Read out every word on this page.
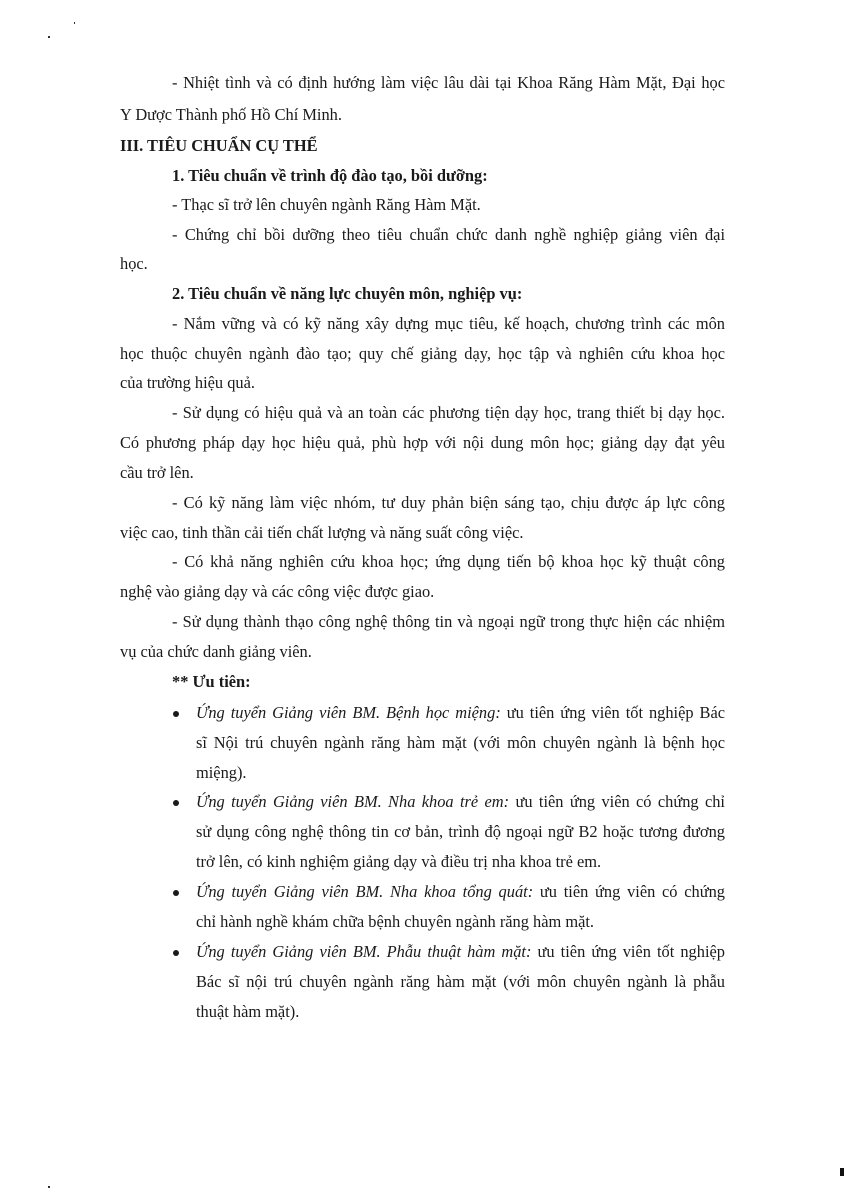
- Nhiệt tình và có định hướng làm việc lâu dài tại Khoa Răng Hàm Mặt, Đại học
Y Dược Thành phố Hồ Chí Minh.
III. TIÊU CHUẨN CỤ THỂ
1. Tiêu chuẩn về trình độ đào tạo, bồi dưỡng:
- Thạc sĩ trở lên chuyên ngành Răng Hàm Mặt.
- Chứng chỉ bồi dưỡng theo tiêu chuẩn chức danh nghề nghiệp giảng viên đại
học.
2. Tiêu chuẩn về năng lực chuyên môn, nghiệp vụ:
- Nắm vững và có kỹ năng xây dựng mục tiêu, kế hoạch, chương trình các môn
học thuộc chuyên ngành đào tạo; quy chế giảng dạy, học tập và nghiên cứu khoa học
của trường hiệu quả.
- Sử dụng có hiệu quả và an toàn các phương tiện dạy học, trang thiết bị dạy học.
Có phương pháp dạy học hiệu quả, phù hợp với nội dung môn học; giảng dạy đạt yêu
cầu trở lên.
- Có kỹ năng làm việc nhóm, tư duy phản biện sáng tạo, chịu được áp lực công
việc cao, tinh thần cải tiến chất lượng và năng suất công việc.
- Có khả năng nghiên cứu khoa học; ứng dụng tiến bộ khoa học kỹ thuật công
nghệ vào giảng dạy và các công việc được giao.
- Sử dụng thành thạo công nghệ thông tin và ngoại ngữ trong thực hiện các nhiệm
vụ của chức danh giảng viên.
** Ưu tiên:
Ứng tuyển Giảng viên BM. Bệnh học miệng: ưu tiên ứng viên tốt nghiệp Bác
sĩ Nội trú chuyên ngành răng hàm mặt (với môn chuyên ngành là bệnh học
miệng).
Ứng tuyển Giảng viên BM. Nha khoa trẻ em: ưu tiên ứng viên có chứng chỉ
sử dụng công nghệ thông tin cơ bản, trình độ ngoại ngữ B2 hoặc tương đương
trở lên, có kinh nghiệm giảng dạy và điều trị nha khoa trẻ em.
Ứng tuyển Giảng viên BM. Nha khoa tổng quát: ưu tiên ứng viên có chứng
chỉ hành nghề khám chữa bệnh chuyên ngành răng hàm mặt.
Ứng tuyển Giảng viên BM. Phẫu thuật hàm mặt: ưu tiên ứng viên tốt nghiệp
Bác sĩ nội trú chuyên ngành răng hàm mặt (với môn chuyên ngành là phẫu
thuật hàm mặt).
